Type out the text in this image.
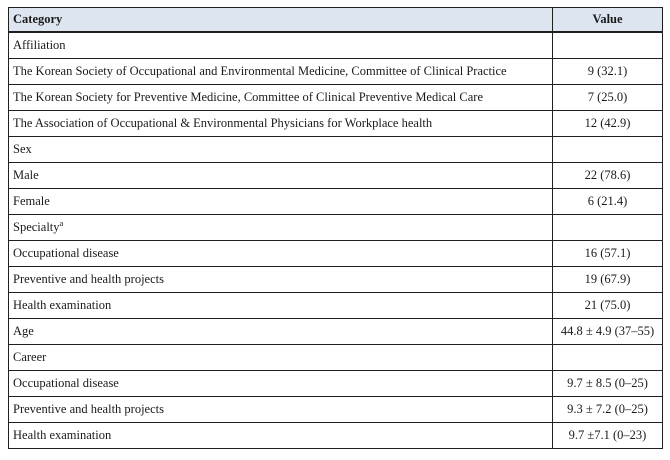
Category	Value
Affiliation	
The Korean Society of Occupational and Environmental Medicine, Committee of Clinical Practice	9 (32.1)
The Korean Society for Preventive Medicine, Committee of Clinical Preventive Medical Care	7 (25.0)
The Association of Occupational & Environmental Physicians for Workplace health	12 (42.9)
Sex	
Male	22 (78.6)
Female	6 (21.4)
Specialty$^a$	
Occupational disease	16 (57.1)
Preventive and health projects	19 (67.9)
Health examination	21 (75.0)
Age	44.8 ± 4.9 (37–55)
Career	
Occupational disease	9.7 ± 8.5 (0–25)
Preventive and health projects	9.3 ± 7.2 (0–25)
Health examination	9.7 ±7.1 (0–23)
